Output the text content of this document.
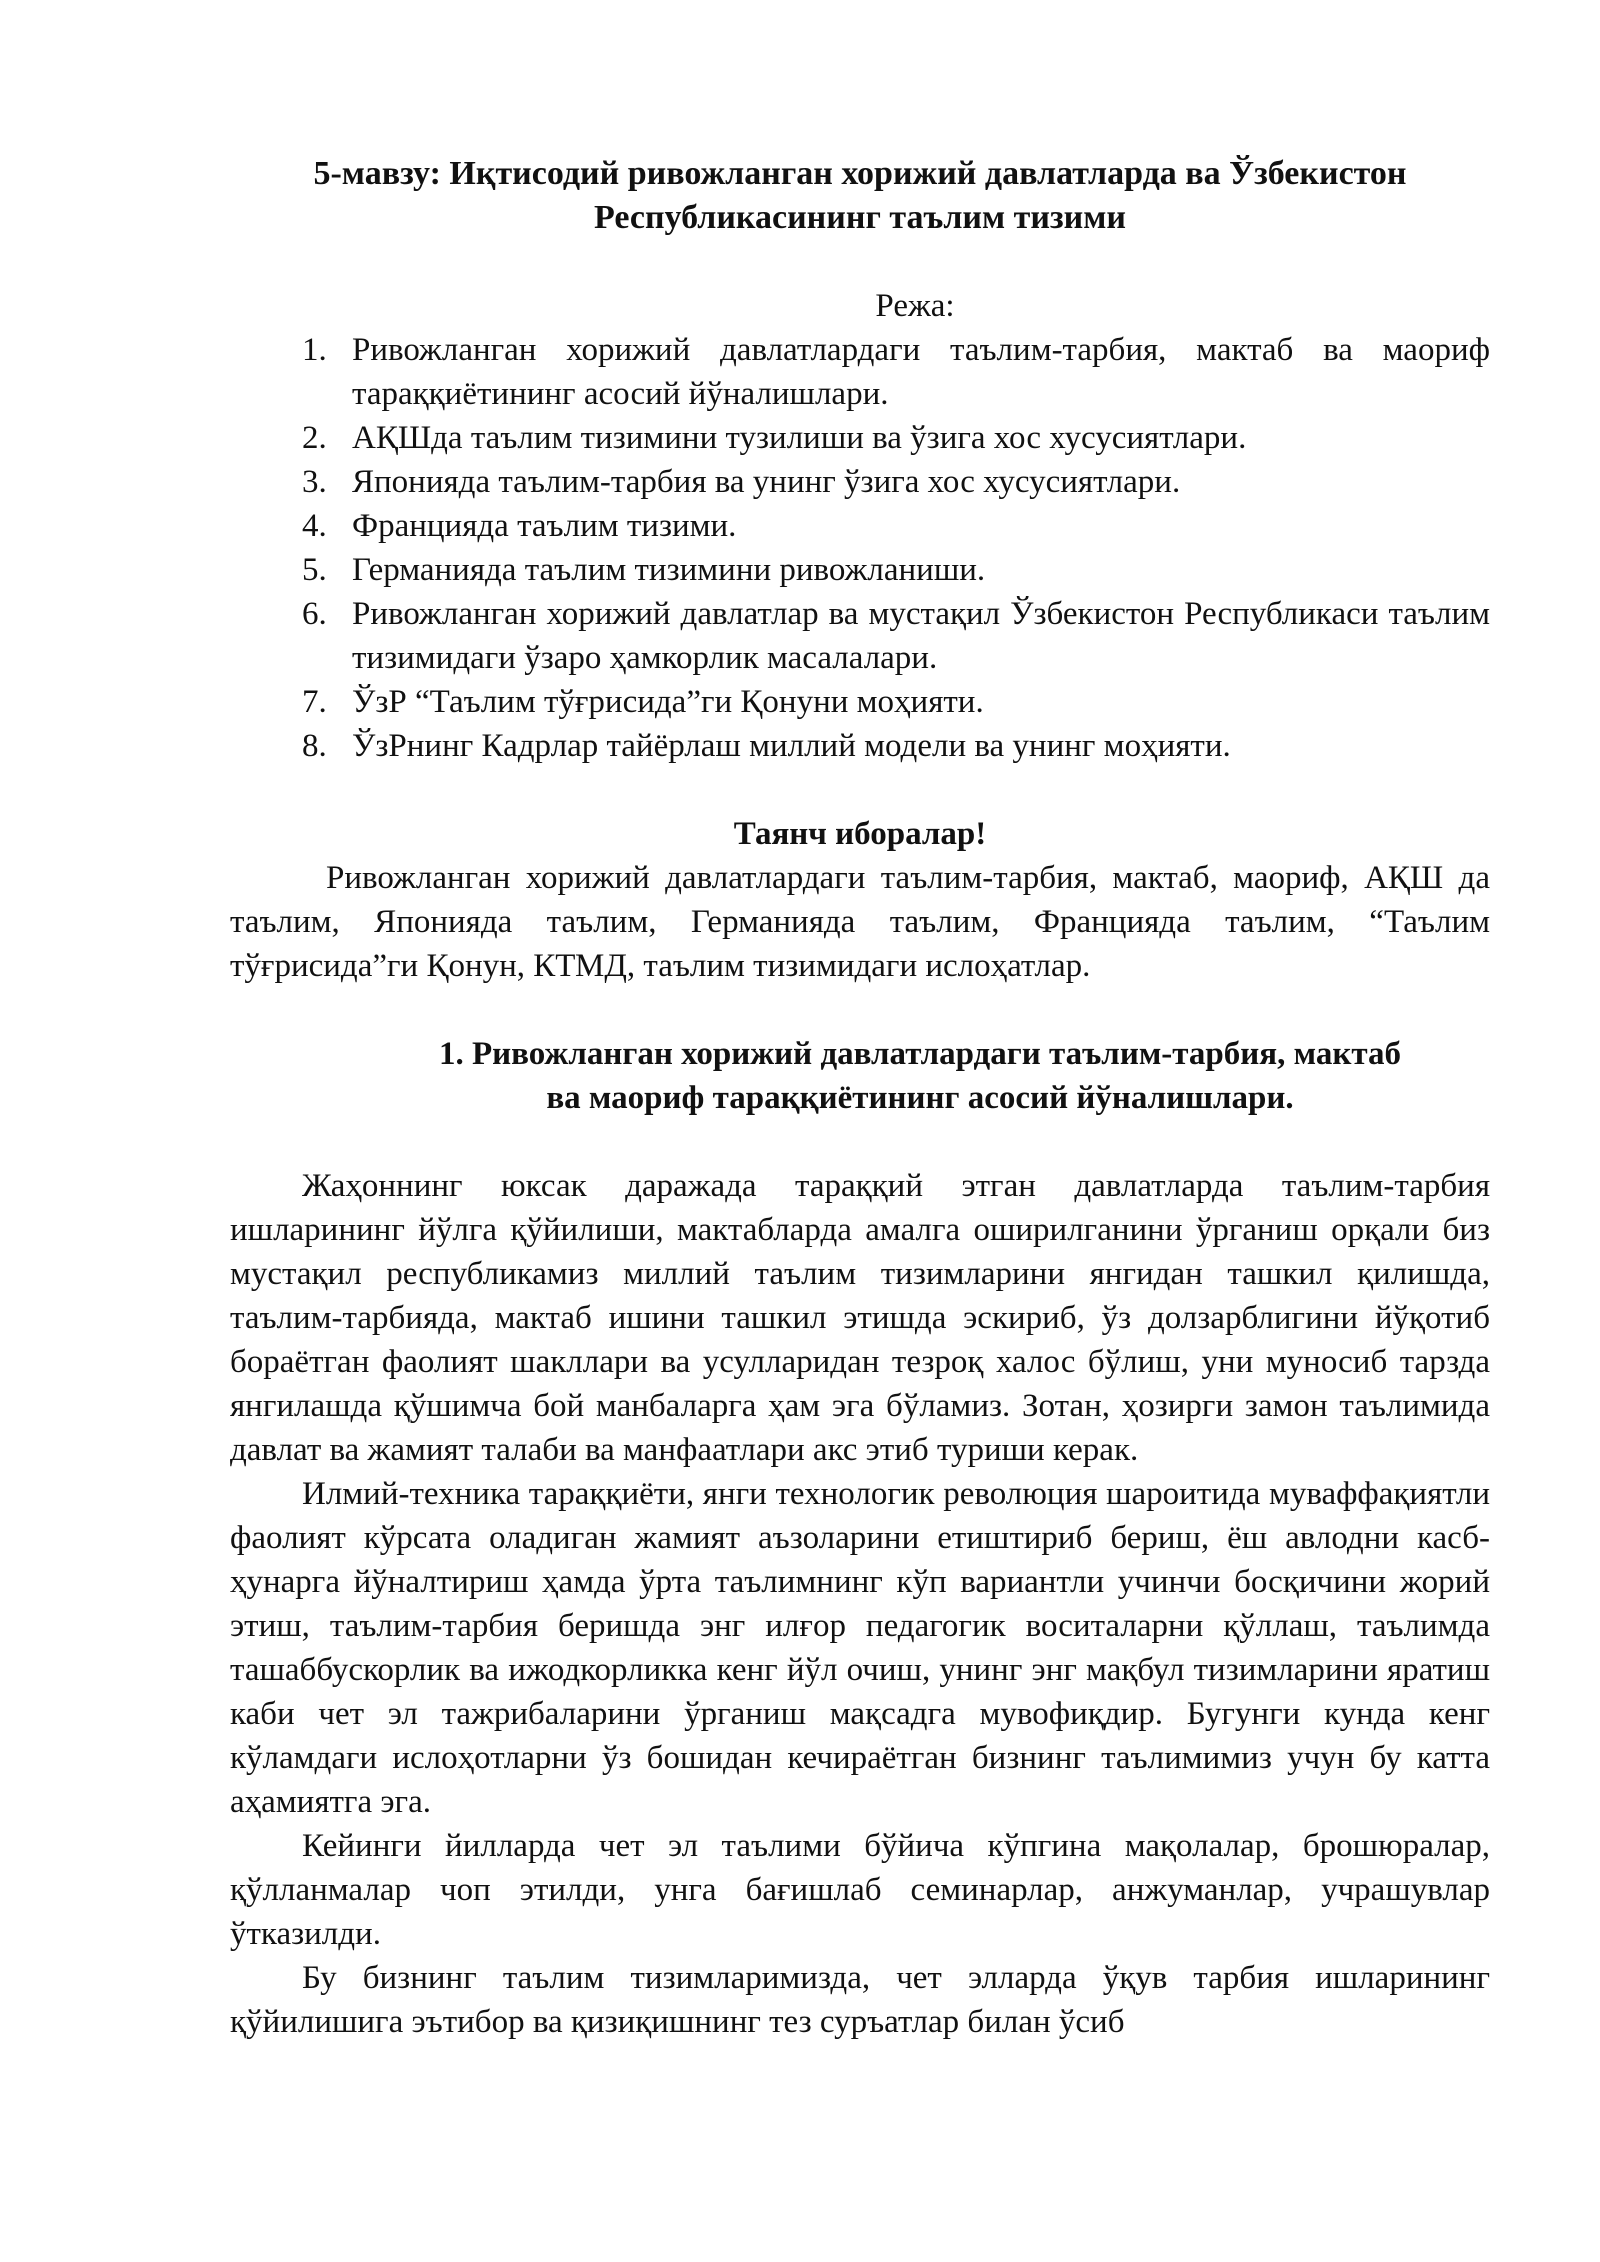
5-мавзу: Иқтисодий ривожланган хорижий давлатларда ва Ўзбекистон
Республикасининг таълим тизими
Режа:
1. Ривожланган хорижий давлатлардаги таълим-тарбия, мактаб ва маориф тараққиётининг асосий йўналишлари.
2. АҚШда таълим тизимини тузилиши ва ўзига хос хусусиятлари.
3. Японияда таълим-тарбия ва унинг ўзига хос хусусиятлари.
4. Францияда таълим тизими.
5. Германияда таълим тизимини ривожланиши.
6. Ривожланган хорижий давлатлар ва мустақил Ўзбекистон Республикаси таълим тизимидаги ўзаро ҳамкорлик масалалари.
7. ЎзР “Таълим тўғрисида”ги Қонуни моҳияти.
8. ЎзРнинг Кадрлар тайёрлаш миллий модели ва унинг моҳияти.
Таянч иборалар!

Ривожланган хорижий давлатлардаги таълим-тарбия, мактаб, маориф, АҚШ да таълим, Японияда таълим, Германияда таълим, Францияда таълим, “Таълим тўғрисида”ги Қонун, КТМД, таълим тизимидаги ислоҳатлар.

1. Ривожланган хорижий давлатлардаги таълим-тарбия, мактаб
ва маориф тараққиётининг асосий йўналишлари.

Жаҳоннинг юксак даражада тараққий этган давлатларда таълим-тарбия ишларининг йўлга қўйилиши, мактабларда амалга оширилганини ўрганиш орқали биз мустақил республикамиз миллий таълим тизимларини янгидан ташкил қилишда, таълим-тарбияда, мактаб ишини ташкил этишда эскириб, ўз долзарблигини йўқотиб бораётган фаолият шакллари ва усулларидан тезроқ халос бўлиш, уни муносиб тарзда янгилашда қўшимча бой манбаларга ҳам эга бўламиз. Зотан, ҳозирги замон таълимида давлат ва жамият талаби ва манфаатлари акс этиб туриши керак.

Илмий-техника тараққиёти, янги технологик революция шароитида муваффақиятли фаолият кўрсата оладиган жамият аъзоларини етиштириб бериш, ёш авлодни касб-ҳунарга йўналтириш ҳамда ўрта таълимнинг кўп вариантли учинчи босқичини жорий этиш, таълим-тарбия беришда энг илғор педагогик воситаларни қўллаш, таълимда ташаббускорлик ва ижодкорликка кенг йўл очиш, унинг энг мақбул тизимларини яратиш каби чет эл тажрибаларини ўрганиш мақсадга мувофиқдир. Бугунги кунда кенг кўламдаги ислоҳотларни ўз бошидан кечираётган бизнинг таълимимиз учун бу катта аҳамиятга эга.

Кейинги йилларда чет эл таълими бўйича кўпгина мақолалар, брошюралар, қўлланмалар чоп этилди, унга бағишлаб семинарлар, анжуманлар, учрашувлар ўтказилди.

Бу бизнинг таълим тизимларимизда, чет элларда ўқув тарбия ишларининг қўйилишига эътибор ва қизиқишнинг тез суръатлар билан ўсиб
